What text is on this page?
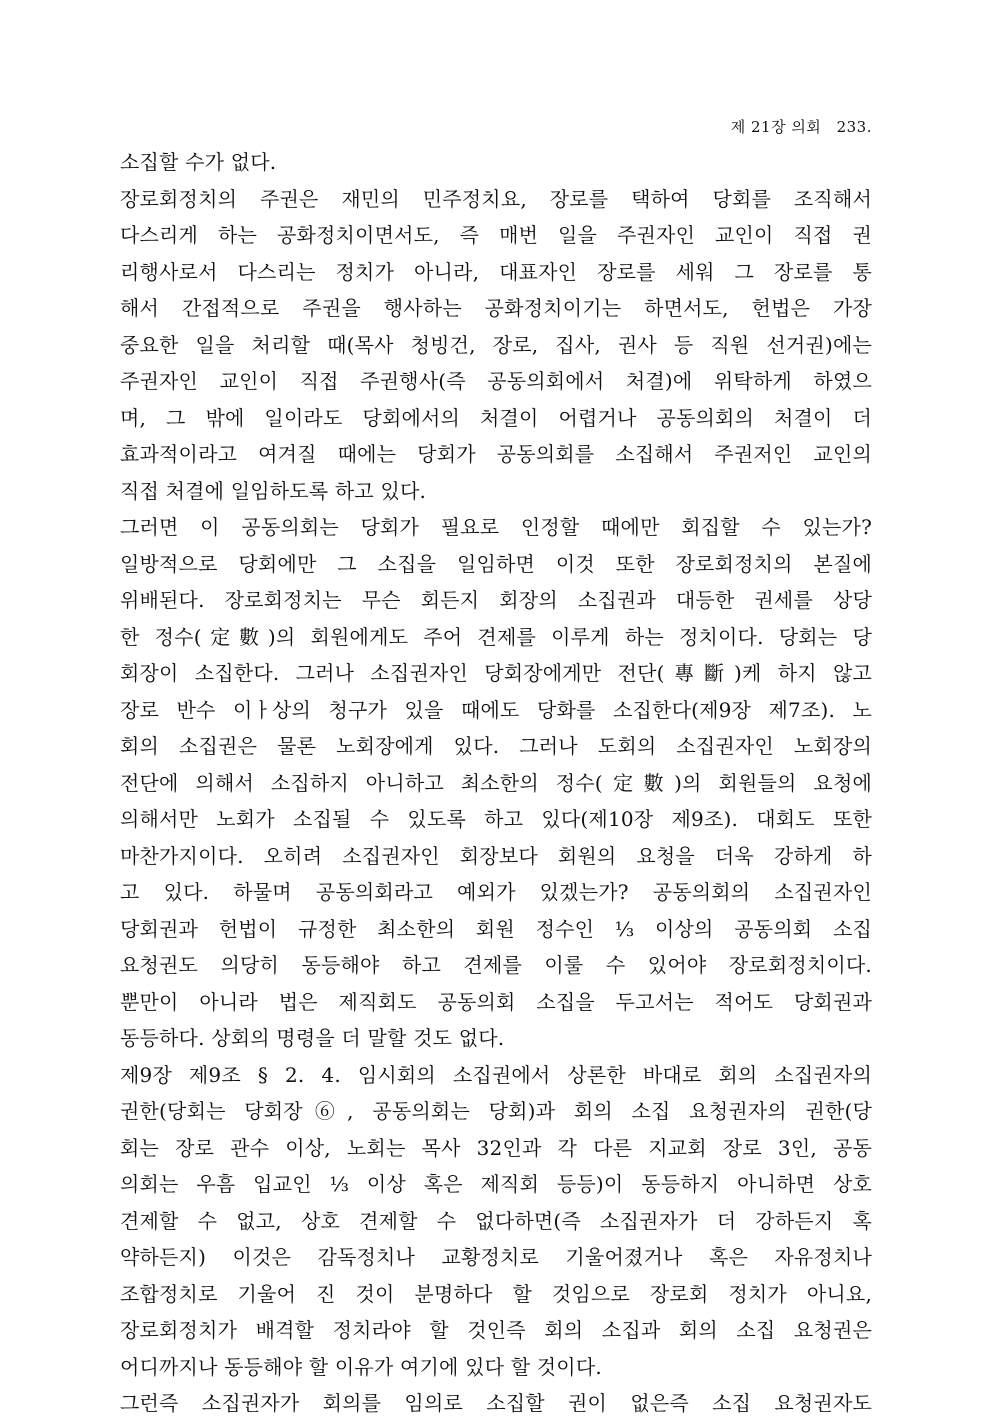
제 21장 의회 233.
소집할 수가 없다.
장로회정치의 주권은 재민의 민주정치요, 장로를 택하여 당회를 조직해서
다스리게 하는 공화정치이면서도, 즉 매번 일을 주권자인 교인이 직접 권
리행사로서 다스리는 정치가 아니라, 대표자인 장로를 세워 그 장로를 통
해서 간접적으로 주권을 행사하는 공화정치이기는 하면서도, 헌법은 가장
중요한 일을 처리할 때(목사 청빙건, 장로, 집사, 권사 등 직원 선거권)에는
주권자인 교인이 직접 주권행사(즉 공동의회에서 처결)에 위탁하게 하였으
며, 그 밖에 일이라도 당회에서의 처결이 어렵거나 공동의회의 처결이 더
효과적이라고 여겨질 때에는 당회가 공동의회를 소집해서 주권저인 교인의
직접 처결에 일임하도록 하고 있다.
그러면 이 공동의회는 당회가 필요로 인정할 때에만 회집할 수 있는가?
일방적으로 당회에만 그 소집을 일임하면 이것 또한 장로회정치의 본질에
위배된다. 장로회정치는 무슨 회든지 회장의 소집권과 대등한 권세를 상당
한 정수(定數)의 회원에게도 주어 견제를 이루게 하는 정치이다. 당회는 당
회장이 소집한다. 그러나 소집권자인 당회장에게만 전단(專斷)케 하지 않고
장로 반수 이ㅏ상의 청구가 있을 때에도 당화를 소집한다(제9장 제7조). 노
회의 소집권은 물론 노회장에게 있다. 그러나 도회의 소집권자인 노회장의
전단에 의해서 소집하지 아니하고 최소한의 정수(定數)의 회원들의 요청에
의해서만 노회가 소집될 수 있도록 하고 있다(제10장 제9조). 대회도 또한
마찬가지이다. 오히려 소집권자인 회장보다 회원의 요청을 더욱 강하게 하
고 있다. 하물며 공동의회라고 예외가 있겠는가? 공동의회의 소집권자인
당회권과 헌법이 규정한 최소한의 회원 정수인 ⅓ 이상의 공동의회 소집
요청권도 의당히 동등해야 하고 견제를 이룰 수 있어야 장로회정치이다.
뿐만이 아니라 법은 제직회도 공동의회 소집을 두고서는 적어도 당회권과
동등하다. 상회의 명령을 더 말할 것도 없다.
제9장 제9조 § 2. 4. 임시회의 소집권에서 상론한 바대로 회의 소집권자의
권한(당회는 당회장⑥, 공동의회는 당회)과 회의 소집 요청권자의 권한(당
회는 장로 관수 이상, 노회는 목사 32인과 각 다른 지교회 장로 3인, 공동
의회는 우흠 입교인 ⅓ 이상 혹은 제직회 등등)이 동등하지 아니하면 상호
견제할 수 없고, 상호 견제할 수 없다하면(즉 소집권자가 더 강하든지 혹
약하든지) 이것은 감독정치나 교황정치로 기울어졌거나 혹은 자유정치나
조합정치로 기울어 진 것이 분명하다 할 것임으로 장로회 정치가 아니요,
장로회정치가 배격할 정치라야 할 것인즉 회의 소집과 회의 소집 요청권은
어디까지나 동등해야 할 이유가 여기에 있다 할 것이다.
그런즉 소집권자가 회의를 임의로 소집할 권이 없은즉 소집 요청권자도
